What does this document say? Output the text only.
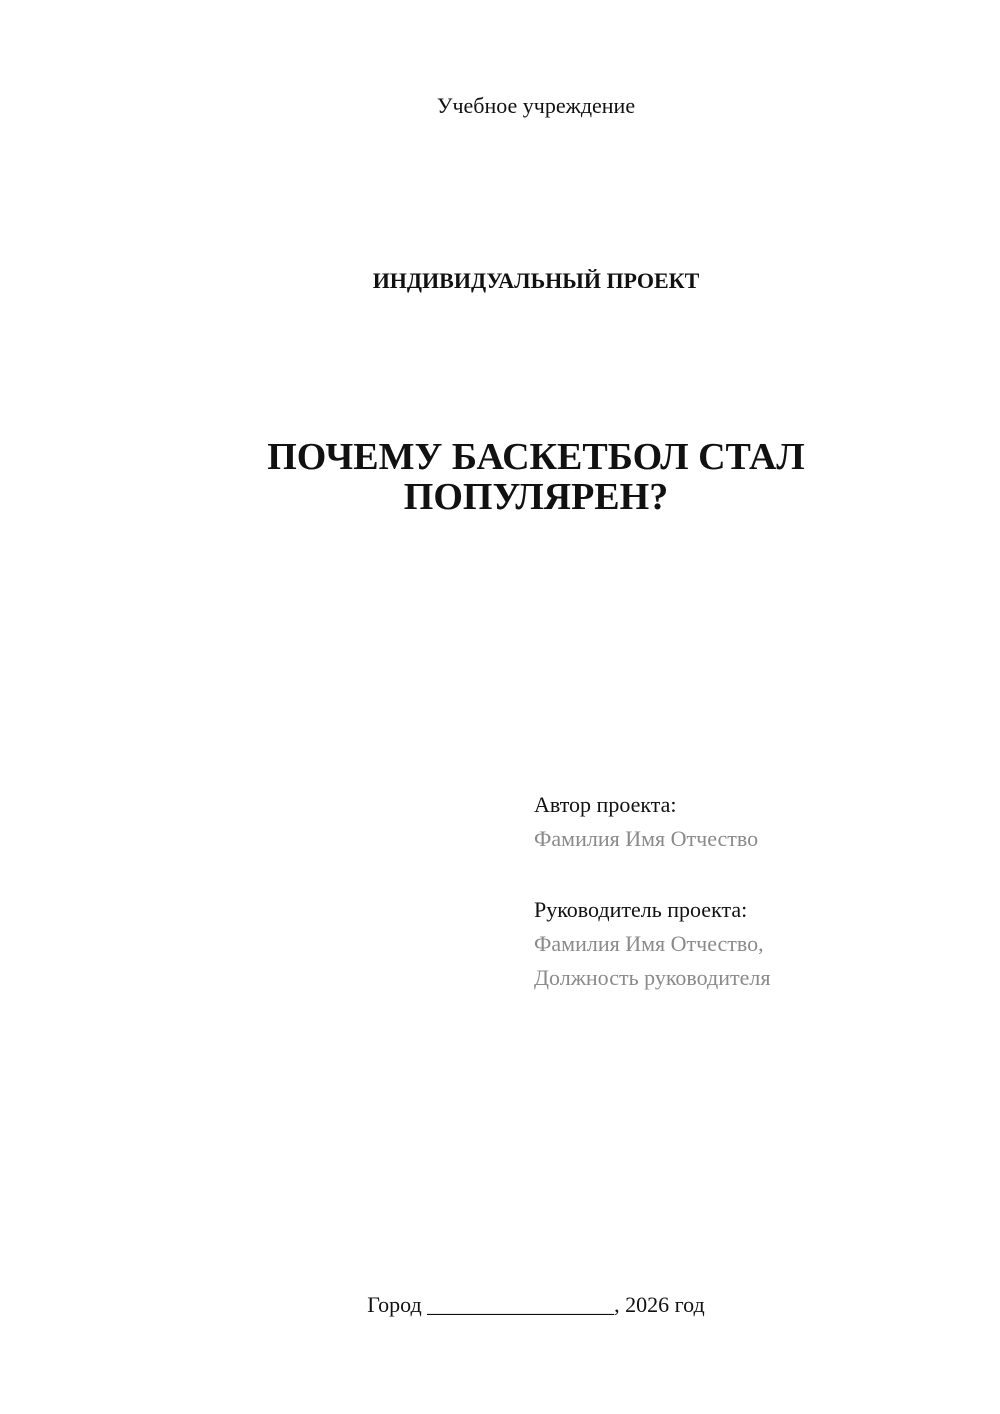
Учебное учреждение
ИНДИВИДУАЛЬНЫЙ ПРОЕКТ
ПОЧЕМУ БАСКЕТБОЛ СТАЛ
ПОПУЛЯРЕН?
Автор проекта:
Фамилия Имя Отчество
Руководитель проекта:
Фамилия Имя Отчество,
Должность руководителя
Город _________________, 2026 год
